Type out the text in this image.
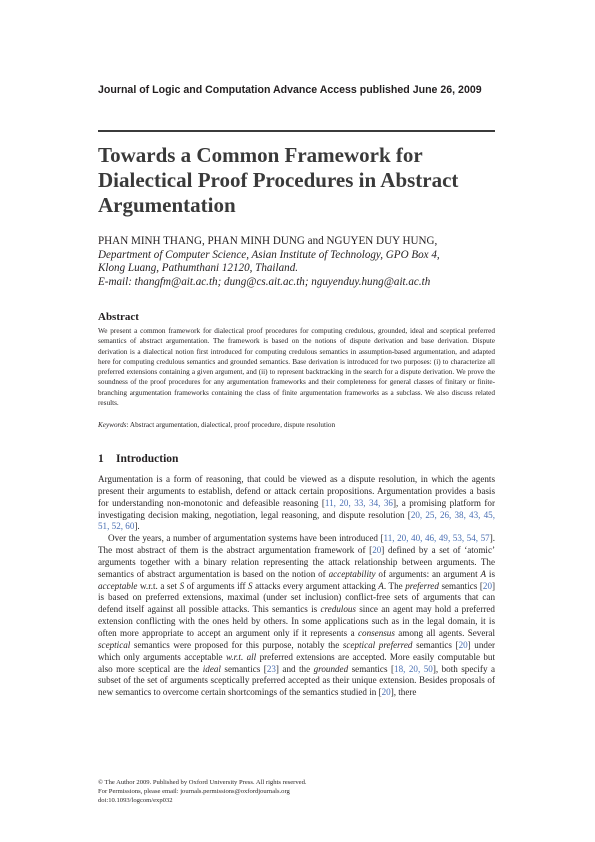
Journal of Logic and Computation Advance Access published June 26, 2009
Towards a Common Framework for
Dialectical Proof Procedures in Abstract
Argumentation
PHAN MINH THANG, PHAN MINH DUNG and NGUYEN DUY HUNG,
Department of Computer Science, Asian Institute of Technology, GPO Box 4,
Klong Luang, Pathumthani 12120, Thailand.
E-mail: thangfm@ait.ac.th; dung@cs.ait.ac.th; nguyenduy.hung@ait.ac.th
Abstract
We present a common framework for dialectical proof procedures for computing credulous, grounded, ideal and sceptical preferred semantics of abstract argumentation. The framework is based on the notions of dispute derivation and base derivation. Dispute derivation is a dialectical notion first introduced for computing credulous semantics in assumption-based argumentation, and adapted here for computing credulous semantics and grounded semantics. Base derivation is introduced for two purposes: (i) to characterize all preferred extensions containing a given argument, and (ii) to represent backtracking in the search for a dispute derivation. We prove the soundness of the proof procedures for any argumentation frameworks and their completeness for general classes of finitary or finite-branching argumentation frameworks containing the class of finite argumentation frameworks as a subclass. We also discuss related results.
Keywords: Abstract argumentation, dialectical, proof procedure, dispute resolution
1 Introduction

Argumentation is a form of reasoning, that could be viewed as a dispute resolution, in which the agents present their arguments to establish, defend or attack certain propositions. Argumentation provides a basis for understanding non-monotonic and defeasible reasoning [11, 20, 33, 34, 36], a promising platform for investigating decision making, negotiation, legal reasoning, and dispute resolution [20, 25, 26, 38, 43, 45, 51, 52, 60].

Over the years, a number of argumentation systems have been introduced [11, 20, 40, 46, 49, 53, 54, 57]. The most abstract of them is the abstract argumentation framework of [20] defined by a set of ‘atomic’ arguments together with a binary relation representing the attack relationship between arguments. The semantics of abstract argumentation is based on the notion of acceptability of arguments: an argument A is acceptable w.r.t. a set S of arguments iff S attacks every argument attacking A. The preferred semantics [20] is based on preferred extensions, maximal (under set inclusion) conflict-free sets of arguments that can defend itself against all possible attacks. This semantics is credulous since an agent may hold a preferred extension conflicting with the ones held by others. In some applications such as in the legal domain, it is often more appropriate to accept an argument only if it represents a consensus among all agents. Several sceptical semantics were proposed for this purpose, notably the sceptical preferred semantics [20] under which only arguments acceptable w.r.t. all preferred extensions are accepted. More easily computable but also more sceptical are the ideal semantics [23] and the grounded semantics [18, 20, 50], both specify a subset of the set of arguments sceptically preferred accepted as their unique extension. Besides proposals of new semantics to overcome certain shortcomings of the semantics studied in [20], there

© The Author 2009. Published by Oxford University Press. All rights reserved.
For Permissions, please email: journals.permissions@oxfordjournals.org
doi:10.1093/logcom/exp032
